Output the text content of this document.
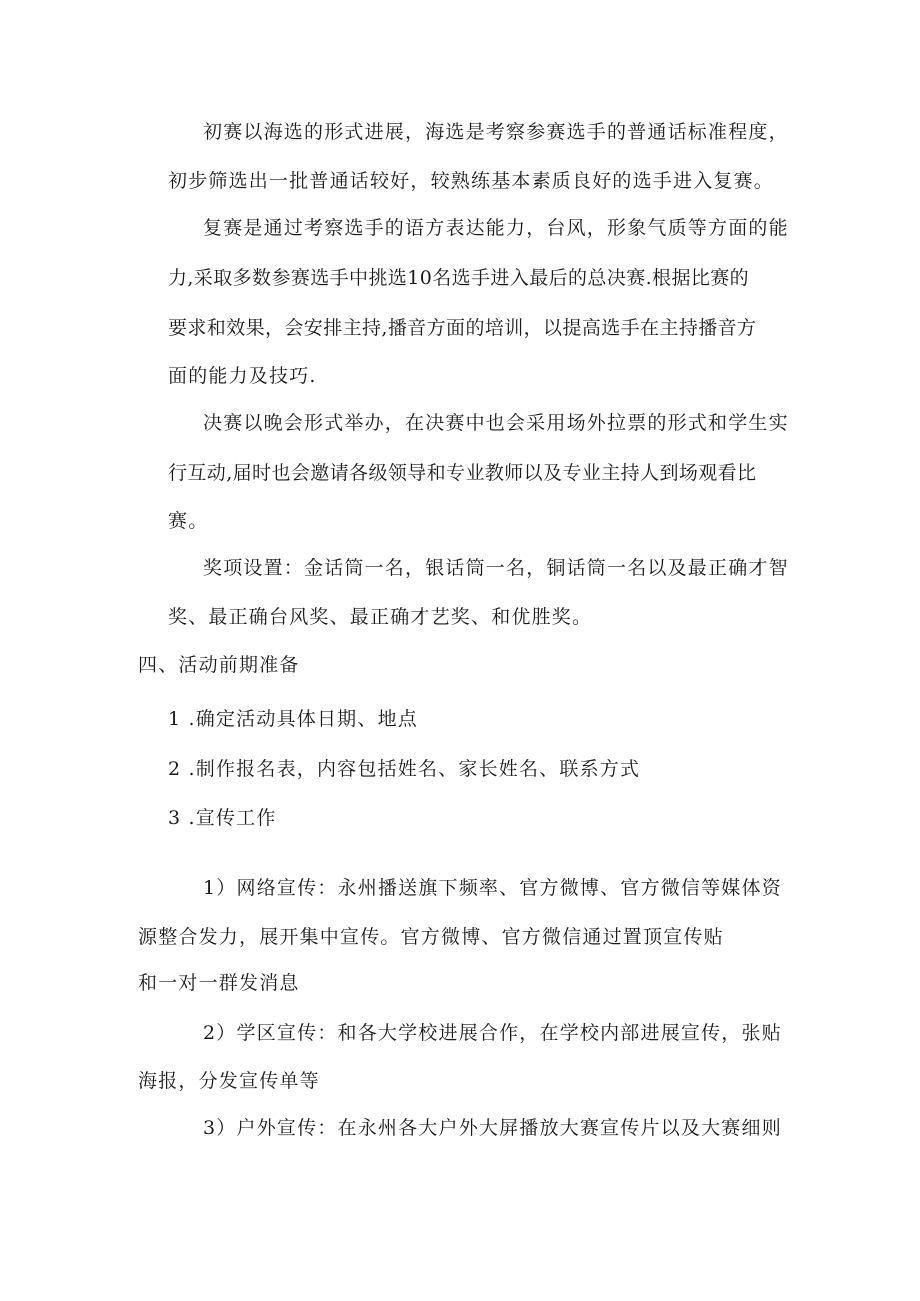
初赛以海选的形式进展，海选是考察参赛选手的普通话标准程度，
初步筛选出一批普通话较好，较熟练基本素质良好的选手进入复赛。
复赛是通过考察选手的语方表达能力，台风，形象气质等方面的能
力,采取多数参赛选手中挑选10名选手进入最后的总决赛.根据比赛的
要求和效果，会安排主持,播音方面的培训，以提高选手在主持播音方
面的能力及技巧.
决赛以晚会形式举办，在决赛中也会采用场外拉票的形式和学生实
行互动,届时也会邀请各级领导和专业教师以及专业主持人到场观看比
赛。
奖项设置：金话筒一名，银话筒一名，铜话筒一名以及最正确才智
奖、最正确台风奖、最正确才艺奖、和优胜奖。
四、活动前期准备
1 .确定活动具体日期、地点
2 .制作报名表，内容包括姓名、家长姓名、联系方式
3 .宣传工作
1）网络宣传：永州播送旗下频率、官方微博、官方微信等媒体资
源整合发力，展开集中宣传。官方微博、官方微信通过置顶宣传贴
和一对一群发消息
2）学区宣传：和各大学校进展合作，在学校内部进展宣传，张贴
海报，分发宣传单等
3）户外宣传：在永州各大户外大屏播放大赛宣传片以及大赛细则
